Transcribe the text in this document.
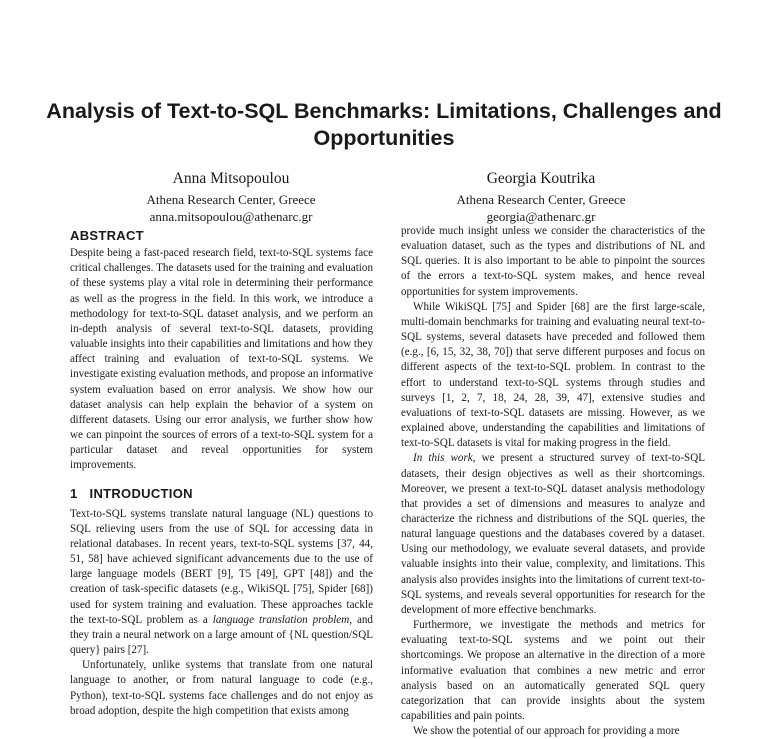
Analysis of Text-to-SQL Benchmarks: Limitations, Challenges and Opportunities
Anna Mitsopoulou
Athena Research Center, Greece
anna.mitsopoulou@athenarc.gr
Georgia Koutrika
Athena Research Center, Greece
georgia@athenarc.gr
ABSTRACT

Despite being a fast-paced research field, text-to-SQL systems face critical challenges. The datasets used for the training and evaluation of these systems play a vital role in determining their performance as well as the progress in the field. In this work, we introduce a methodology for text-to-SQL dataset analysis, and we perform an in-depth analysis of several text-to-SQL datasets, providing valuable insights into their capabilities and limitations and how they affect training and evaluation of text-to-SQL systems. We investigate existing evaluation methods, and propose an informative system evaluation based on error analysis. We show how our dataset analysis can help explain the behavior of a system on different datasets. Using our error analysis, we further show how we can pinpoint the sources of errors of a text-to-SQL system for a particular dataset and reveal opportunities for system improvements.

1 INTRODUCTION

Text-to-SQL systems translate natural language (NL) questions to SQL relieving users from the use of SQL for accessing data in relational databases. In recent years, text-to-SQL systems [37, 44, 51, 58] have achieved significant advancements due to the use of large language models (BERT [9], T5 [49], GPT [48]) and the creation of task-specific datasets (e.g., WikiSQL [75], Spider [68]) used for system training and evaluation. These approaches tackle the text-to-SQL problem as a language translation problem, and they train a neural network on a large amount of {NL question/SQL query} pairs [27].

Unfortunately, unlike systems that translate from one natural language to another, or from natural language to code (e.g., Python), text-to-SQL systems face challenges and do not enjoy as broad adoption, despite the high competition that exists among

provide much insight unless we consider the characteristics of the evaluation dataset, such as the types and distributions of NL and SQL queries. It is also important to be able to pinpoint the sources of the errors a text-to-SQL system makes, and hence reveal opportunities for system improvements.

While WikiSQL [75] and Spider [68] are the first large-scale, multi-domain benchmarks for training and evaluating neural text-to-SQL systems, several datasets have preceded and followed them (e.g., [6, 15, 32, 38, 70]) that serve different purposes and focus on different aspects of the text-to-SQL problem. In contrast to the effort to understand text-to-SQL systems through studies and surveys [1, 2, 7, 18, 24, 28, 39, 47], extensive studies and evaluations of text-to-SQL datasets are missing. However, as we explained above, understanding the capabilities and limitations of text-to-SQL datasets is vital for making progress in the field.

In this work, we present a structured survey of text-to-SQL datasets, their design objectives as well as their shortcomings. Moreover, we present a text-to-SQL dataset analysis methodology that provides a set of dimensions and measures to analyze and characterize the richness and distributions of the SQL queries, the natural language questions and the databases covered by a dataset. Using our methodology, we evaluate several datasets, and provide valuable insights into their value, complexity, and limitations. This analysis also provides insights into the limitations of current text-to-SQL systems, and reveals several opportunities for research for the development of more effective benchmarks.

Furthermore, we investigate the methods and metrics for evaluating text-to-SQL systems and we point out their shortcomings. We propose an alternative in the direction of a more informative evaluation that combines a new metric and error analysis based on an automatically generated SQL query categorization that can provide insights about the system capabilities and pain points.

We show the potential of our approach for providing a more
